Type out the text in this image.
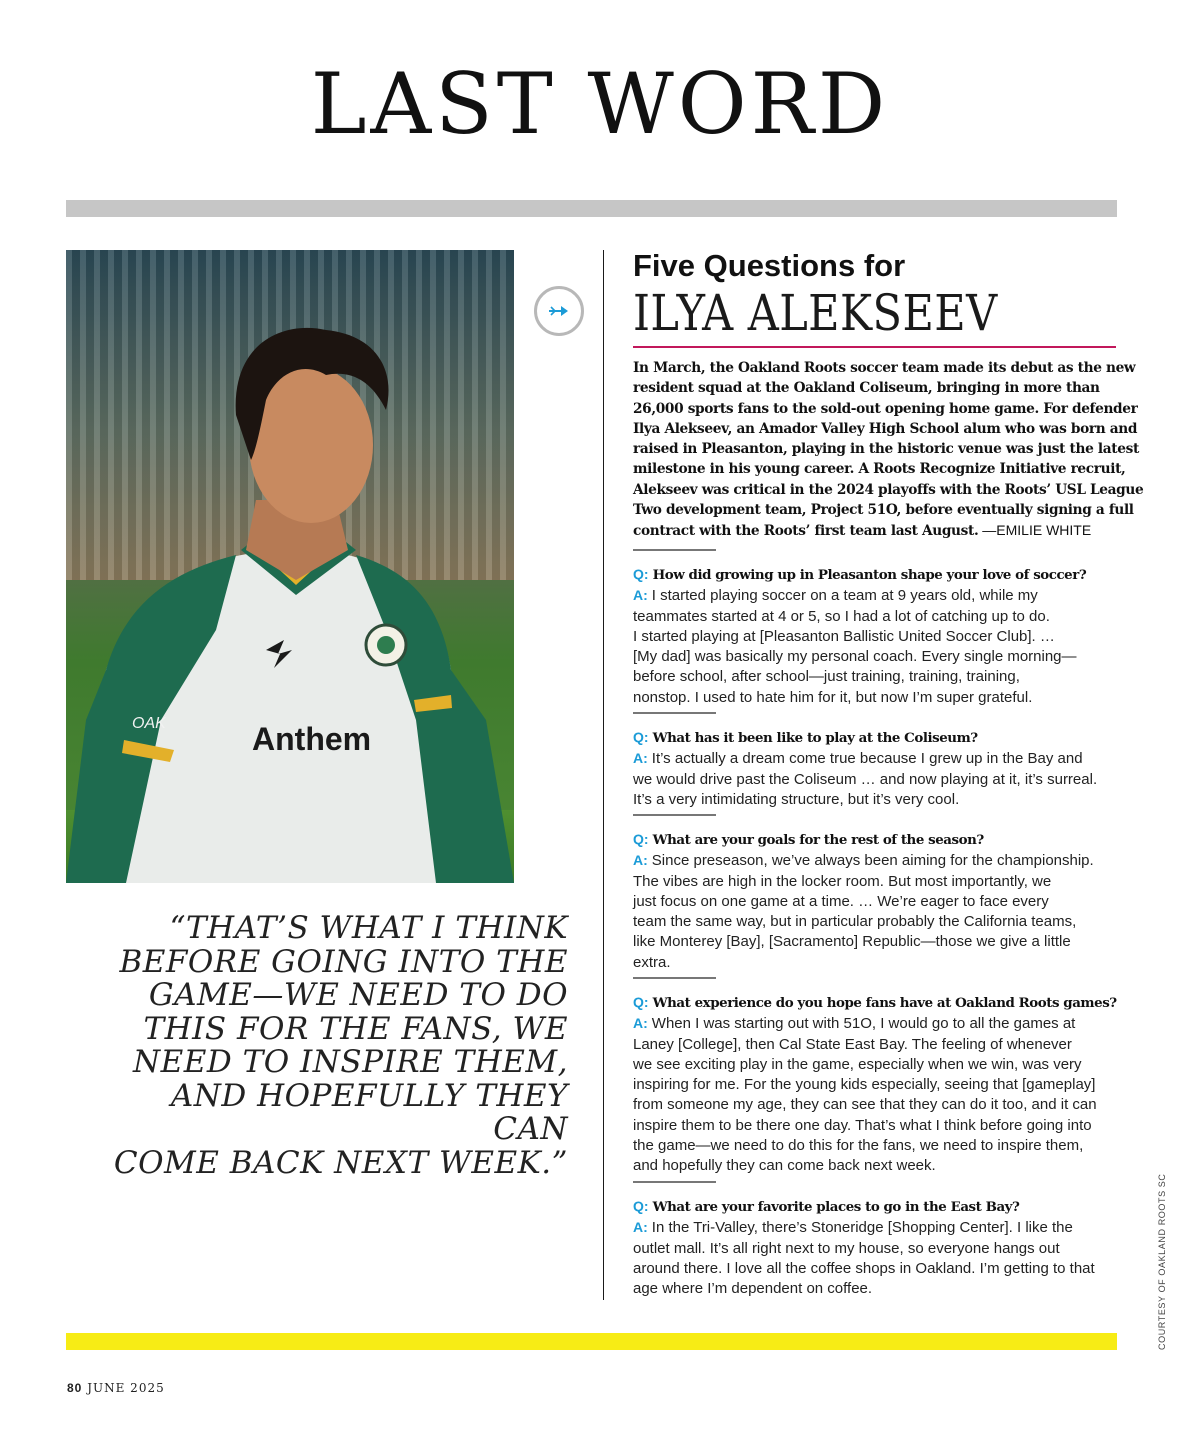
LAST WORD
Anthem
OAK
“THAT’S WHAT I THINK
BEFORE GOING INTO THE
GAME—WE NEED TO DO
THIS FOR THE FANS, WE
NEED TO INSPIRE THEM,
AND HOPEFULLY THEY CAN
COME BACK NEXT WEEK.”
Five Questions for
ILYA ALEKSEEV
In March, the Oakland Roots soccer team made its debut as the new
resident squad at the Oakland Coliseum, bringing in more than
26,000 sports fans to the sold-out opening home game. For defender
Ilya Alekseev, an Amador Valley High School alum who was born and
raised in Pleasanton, playing in the historic venue was just the latest
milestone in his young career. A Roots Recognize Initiative recruit,
Alekseev was critical in the 2024 playoffs with the Roots’ USL League
Two development team, Project 51O, before eventually signing a full
contract with the Roots’ first team last August. —EMILIE WHITE
Q: How did growing up in Pleasanton shape your love of soccer?
A: I started playing soccer on a team at 9 years old, while my
teammates started at 4 or 5, so I had a lot of catching up to do.
I started playing at [Pleasanton Ballistic United Soccer Club]. …
[My dad] was basically my personal coach. Every single morning—
before school, after school—just training, training, training,
nonstop. I used to hate him for it, but now I’m super grateful.
Q: What has it been like to play at the Coliseum?
A: It’s actually a dream come true because I grew up in the Bay and
we would drive past the Coliseum … and now playing at it, it’s surreal.
It’s a very intimidating structure, but it’s very cool.
Q: What are your goals for the rest of the season?
A: Since preseason, we’ve always been aiming for the championship.
The vibes are high in the locker room. But most importantly, we
just focus on one game at a time. … We’re eager to face every
team the same way, but in particular probably the California teams,
like Monterey [Bay], [Sacramento] Republic—those we give a little
extra.
Q: What experience do you hope fans have at Oakland Roots games?
A: When I was starting out with 51O, I would go to all the games at
Laney [College], then Cal State East Bay. The feeling of whenever
we see exciting play in the game, especially when we win, was very
inspiring for me. For the young kids especially, seeing that [gameplay]
from someone my age, they can see that they can do it too, and it can
inspire them to be there one day. That’s what I think before going into
the game—we need to do this for the fans, we need to inspire them,
and hopefully they can come back next week.
Q: What are your favorite places to go in the East Bay?
A: In the Tri-Valley, there’s Stoneridge [Shopping Center]. I like the
outlet mall. It’s all right next to my house, so everyone hangs out
around there. I love all the coffee shops in Oakland. I’m getting to that
age where I’m dependent on coffee.	COURTESY OF OAKLAND ROOTS SC
80 JUNE 2025
